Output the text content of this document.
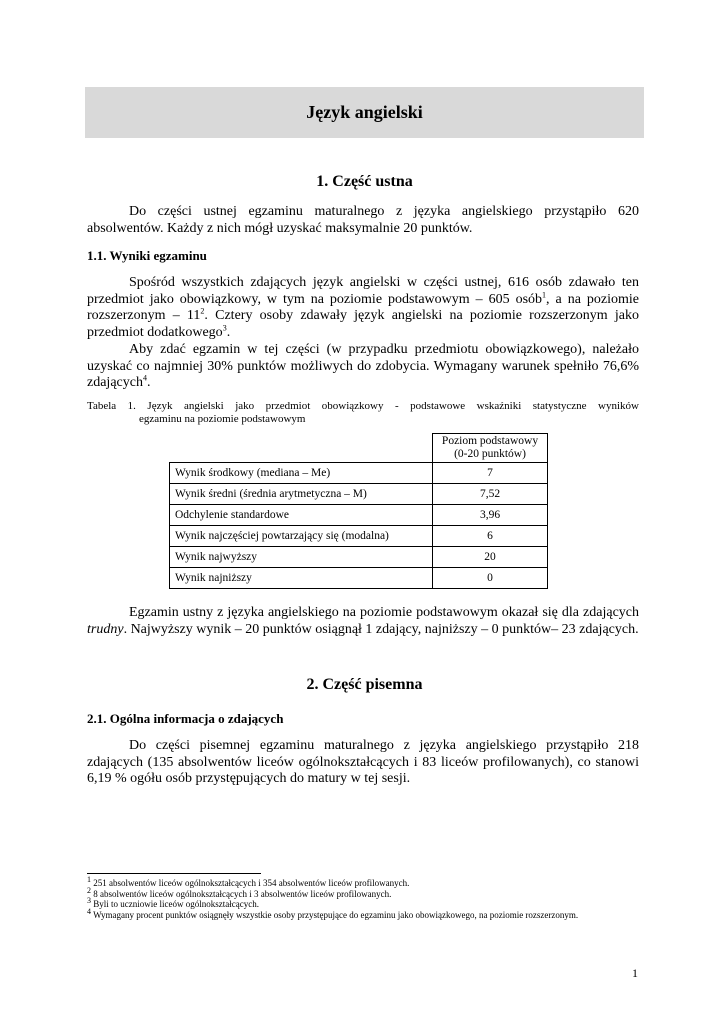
Język angielski
1. Część ustna

Do części ustnej egzaminu maturalnego z języka angielskiego przystąpiło 620 absolwentów. Każdy z nich mógł uzyskać maksymalnie 20 punktów.

1.1. Wyniki egzaminu

Spośród wszystkich zdających język angielski w części ustnej, 616 osób zdawało ten przedmiot jako obowiązkowy, w tym na poziomie podstawowym – 605 osób$^1$, a na poziomie rozszerzonym – $11^2$. Cztery osoby zdawały język angielski na poziomie rozszerzonym jako przedmiot dodatkowego$^3$.

Aby zdać egzamin w tej części (w przypadku przedmiotu obowiązkowego), należało uzyskać co najmniej 30% punktów możliwych do zdobycia. Wymagany warunek spełniło 76,6% zdających$^4$.

Tabela 1. Język angielski jako przedmiot obowiązkowy - podstawowe wskaźniki statystyczne wyników
egzaminu na poziomie podstawowym
	Poziom podstawowy
(0-20 punktów)
Wynik środkowy (mediana – Me)	7
Wynik średni (średnia arytmetyczna – M)	7,52
Odchylenie standardowe	3,96
Wynik najczęściej powtarzający się (modalna)	6
Wynik najwyższy	20
Wynik najniższy	0

Egzamin ustny z języka angielskiego na poziomie podstawowym okazał się dla zdających trudny. Najwyższy wynik – 20 punktów osiągnął 1 zdający, najniższy – 0 punktów– 23 zdających.

2. Część pisemna
2.1. Ogólna informacja o zdających

Do części pisemnej egzaminu maturalnego z języka angielskiego przystąpiło 218 zdających (135 absolwentów liceów ogólnokształcących i 83 liceów profilowanych), co stanowi 6,19 % ogółu osób przystępujących do matury w tej sesji.

$^1$ 251 absolwentów liceów ogólnokształcących i 354 absolwentów liceów profilowanych.
$^2$ 8 absolwentów liceów ogólnokształcących i 3 absolwentów liceów profilowanych.
$^3$ Byli to uczniowie liceów ogólnokształcących.
$^4$ Wymagany procent punktów osiągnęły wszystkie osoby przystępujące do egzaminu jako obowiązkowego, na poziomie rozszerzonym.
1
